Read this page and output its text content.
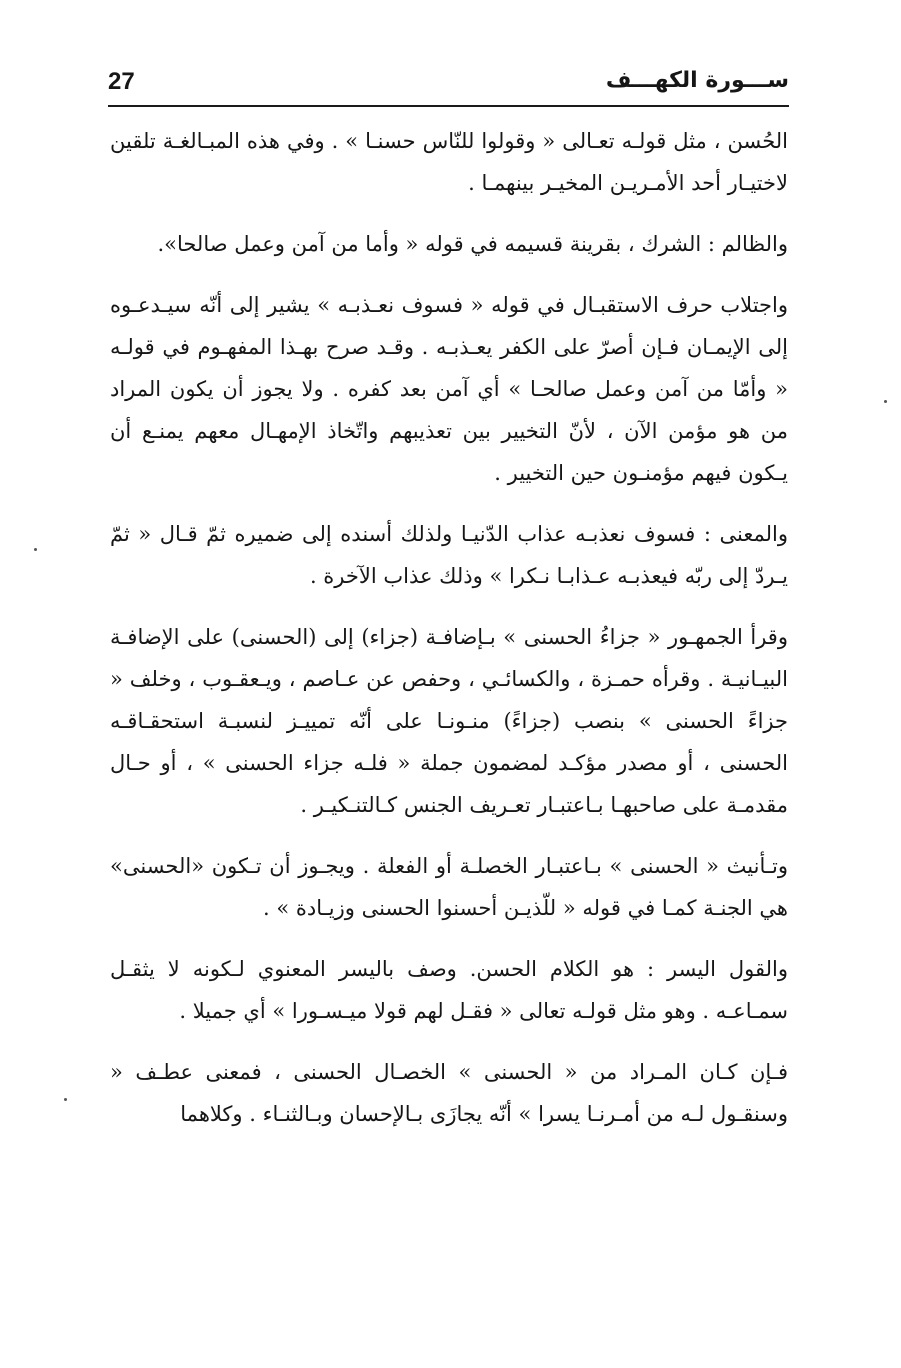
27	ســـورة الكهـــف

الحُسن ، مثل قولـه تعـالى « وقولوا للنّاس حسنـا » . وفي هذه المبـالغـة تلقين لاختيـار أحد الأمـريـن المخيـر بينهمـا .

والظالم : الشرك ، بقرينة قسيمه في قوله « وأما من آمن وعمل صالحا».

واجتلاب حرف الاستقبـال في قوله « فسوف نعـذبـه » يشير إلى أنّه سيـدعـوه إلى الإيمـان فـإن أصرّ على الكفر يعـذبـه . وقـد صرح بهـذا المفهـوم في قولـه « وأمّا من آمن وعمل صالحـا » أي آمن بعد كفره . ولا يجوز أن يكون المراد من هو مؤمن الآن ، لأنّ التخيير بين تعذيبهم واتّخاذ الإمهـال معهم يمنـع أن يـكون فيهم مؤمنـون حين التخيير .

والمعنى : فسوف نعذبـه عذاب الدّنيـا ولذلك أسنده إلى ضميره ثمّ قـال « ثمّ يـردّ إلى ربّه فيعذبـه عـذابـا نـكرا » وذلك عذاب الآخرة .

وقرأ الجمهـور « جزاءُ الحسنى » بـإضافـة (جزاء) إلى (الحسنى) على الإضافـة البيـانيـة . وقرأه حمـزة ، والكسائـي ، وحفص عن عـاصم ، ويـعقـوب ، وخلف « جزاءً الحسنى » بنصب (جزاءً) منـونـا على أنّه تمييـز لنسبـة استحقـاقـه الحسنى ، أو مصدر مؤكـد لمضمون جملة « فلـه جزاء الحسنى » ، أو حـال مقدمـة على صاحبهـا بـاعتبـار تعـريف الجنس كـالتنـكيـر .

وتـأنيث « الحسنى » بـاعتبـار الخصلـة أو الفعلة . ويجـوز أن تـكون «الحسنى» هي الجنـة كمـا في قوله « للّذيـن أحسنوا الحسنى وزيـادة » .

والقول اليسر : هو الكلام الحسن. وصف باليسر المعنوي لـكونه لا يثقـل سمـاعـه . وهو مثل قولـه تعالى « فقـل لهم قولا ميـسـورا » أي جميلا .

فـإن كـان المـراد من « الحسنى » الخصـال الحسنى ، فمعنى عطـف « وسنقـول لـه من أمـرنـا يسرا » أنّه يجازَى بـالإحسان وبـالثنـاء . وكلاهما
